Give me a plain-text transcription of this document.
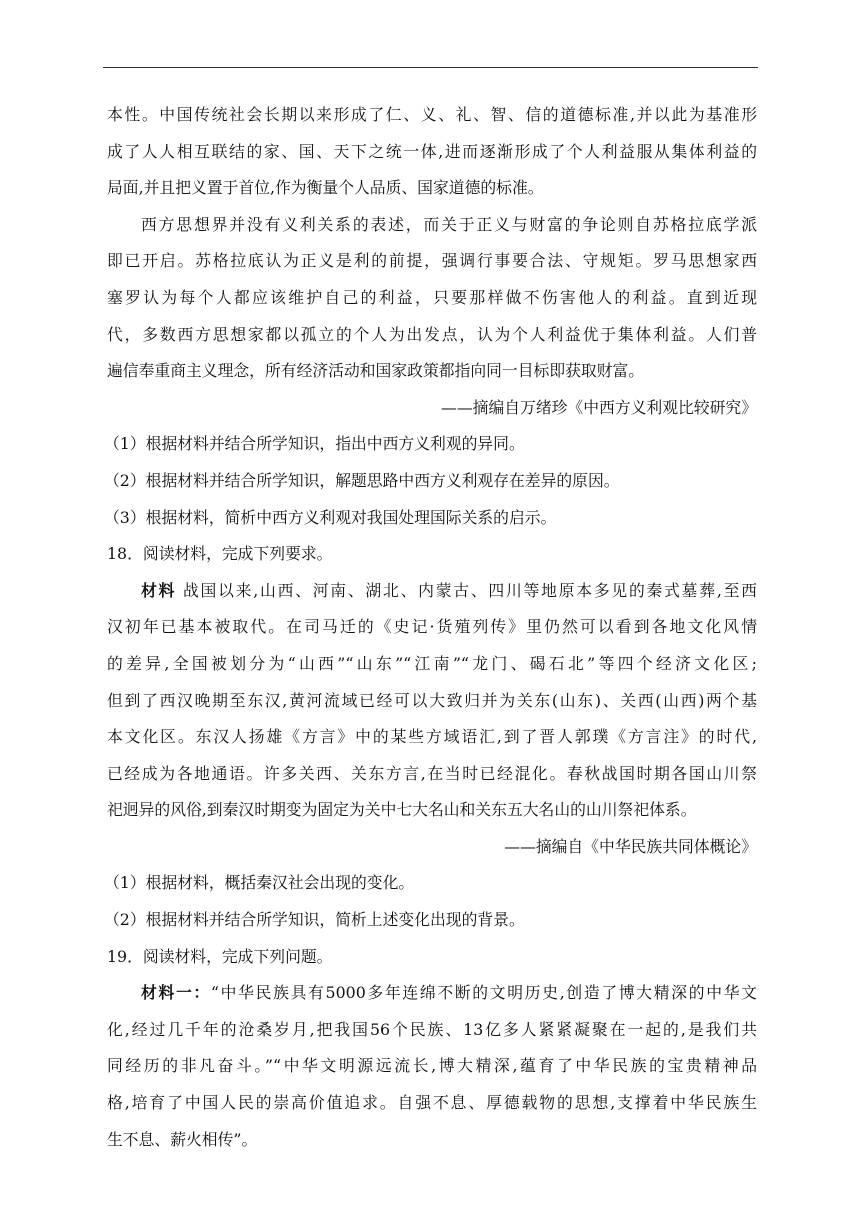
本性。中国传统社会长期以来形成了仁、义、礼、智、信的道德标准,并以此为基准形
成了人人相互联结的家、国、天下之统一体,进而逐渐形成了个人利益服从集体利益的
局面,并且把义置于首位,作为衡量个人品质、国家道德的标准。
西方思想界并没有义利关系的表述，而关于正义与财富的争论则自苏格拉底学派
即已开启。苏格拉底认为正义是利的前提，强调行事要合法、守规矩。罗马思想家西
塞罗认为每个人都应该维护自己的利益，只要那样做不伤害他人的利益。直到近现
代，多数西方思想家都以孤立的个人为出发点，认为个人利益优于集体利益。人们普
遍信奉重商主义理念，所有经济活动和国家政策都指向同一目标即获取财富。
——摘编自万绪珍《中西方义利观比较研究》
（1）根据材料并结合所学知识，指出中西方义利观的异同。
（2）根据材料并结合所学知识，解题思路中西方义利观存在差异的原因。
（3）根据材料，简析中西方义利观对我国处理国际关系的启示。
18．阅读材料，完成下列要求。
材料 战国以来,山西、河南、湖北、内蒙古、四川等地原本多见的秦式墓葬,至西
汉初年已基本被取代。在司马迁的《史记·货殖列传》里仍然可以看到各地文化风情
的差异,全国被划分为“山西”“山东”“江南”“龙门、碣石北”等四个经济文化区;
但到了西汉晚期至东汉,黄河流域已经可以大致归并为关东(山东)、关西(山西)两个基
本文化区。东汉人扬雄《方言》中的某些方域语汇,到了晋人郭璞《方言注》的时代,
已经成为各地通语。许多关西、关东方言,在当时已经混化。春秋战国时期各国山川祭
祀迥异的风俗,到秦汉时期变为固定为关中七大名山和关东五大名山的山川祭祀体系。
——摘编自《中华民族共同体概论》
（1）根据材料，概括秦汉社会出现的变化。
（2）根据材料并结合所学知识，简析上述变化出现的背景。
19．阅读材料，完成下列问题。
材料一：“中华民族具有5000多年连绵不断的文明历史,创造了博大精深的中华文
化,经过几千年的沧桑岁月,把我国56个民族、13亿多人紧紧凝聚在一起的,是我们共
同经历的非凡奋斗。”“中华文明源远流长,博大精深,蕴育了中华民族的宝贵精神品
格,培育了中国人民的崇高价值追求。自强不息、厚德载物的思想,支撑着中华民族生
生不息、薪火相传”。
